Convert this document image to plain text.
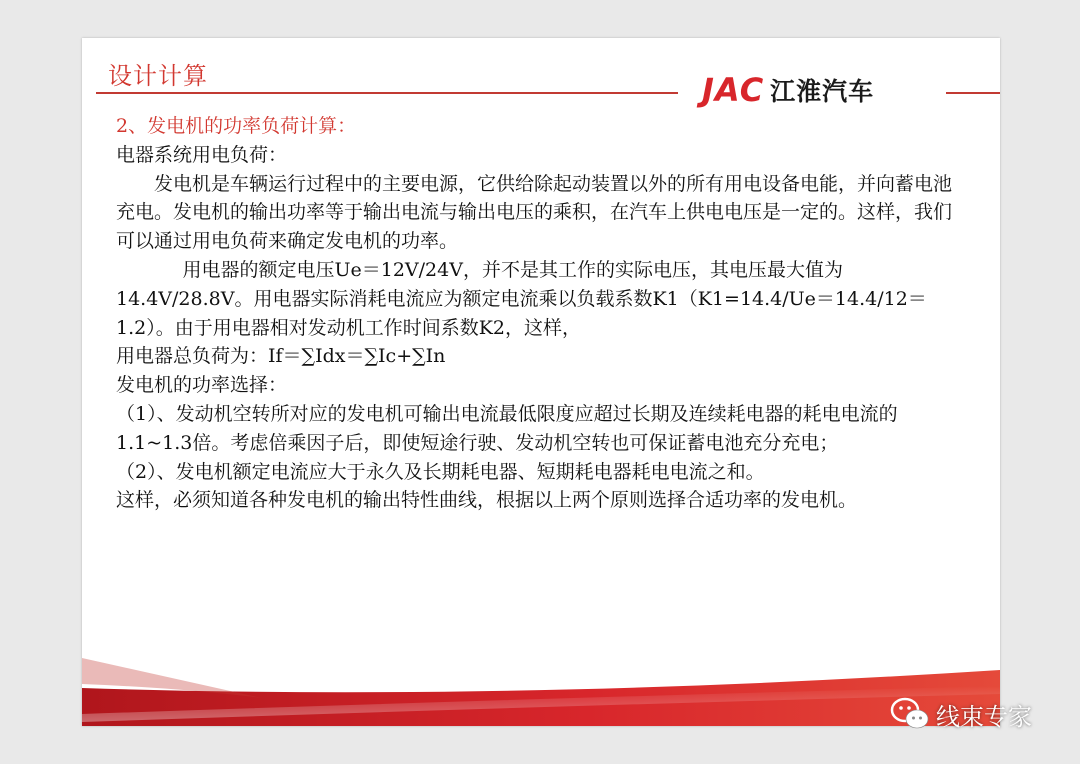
设计计算	JAC 江淮汽车

2、发电机的功率负荷计算：

电器系统用电负荷：

发电机是车辆运行过程中的主要电源，它供给除起动装置以外的所有用电设备电能，并向蓄电池充电。发电机的输出功率等于输出电流与输出电压的乘积，在汽车上供电电压是一定的。这样，我们可以通过用电负荷来确定发电机的功率。

用电器的额定电压Ue＝12V/24V，并不是其工作的实际电压，其电压最大值为14.4V/28.8V。用电器实际消耗电流应为额定电流乘以负载系数K1（K1=14.4/Ue＝14.4/12＝1.2）。由于用电器相对发动机工作时间系数K2，这样，

用电器总负荷为：If＝∑Idx＝∑Ic+∑In

发电机的功率选择：

（1）、发动机空转所对应的发电机可输出电流最低限度应超过长期及连续耗电器的耗电电流的1.1~1.3倍。考虑倍乘因子后，即使短途行驶、发动机空转也可保证蓄电池充分充电；

（2）、发电机额定电流应大于永久及长期耗电器、短期耗电器耗电电流之和。

这样，必须知道各种发电机的输出特性曲线，根据以上两个原则选择合适功率的发电机。

线束专家
